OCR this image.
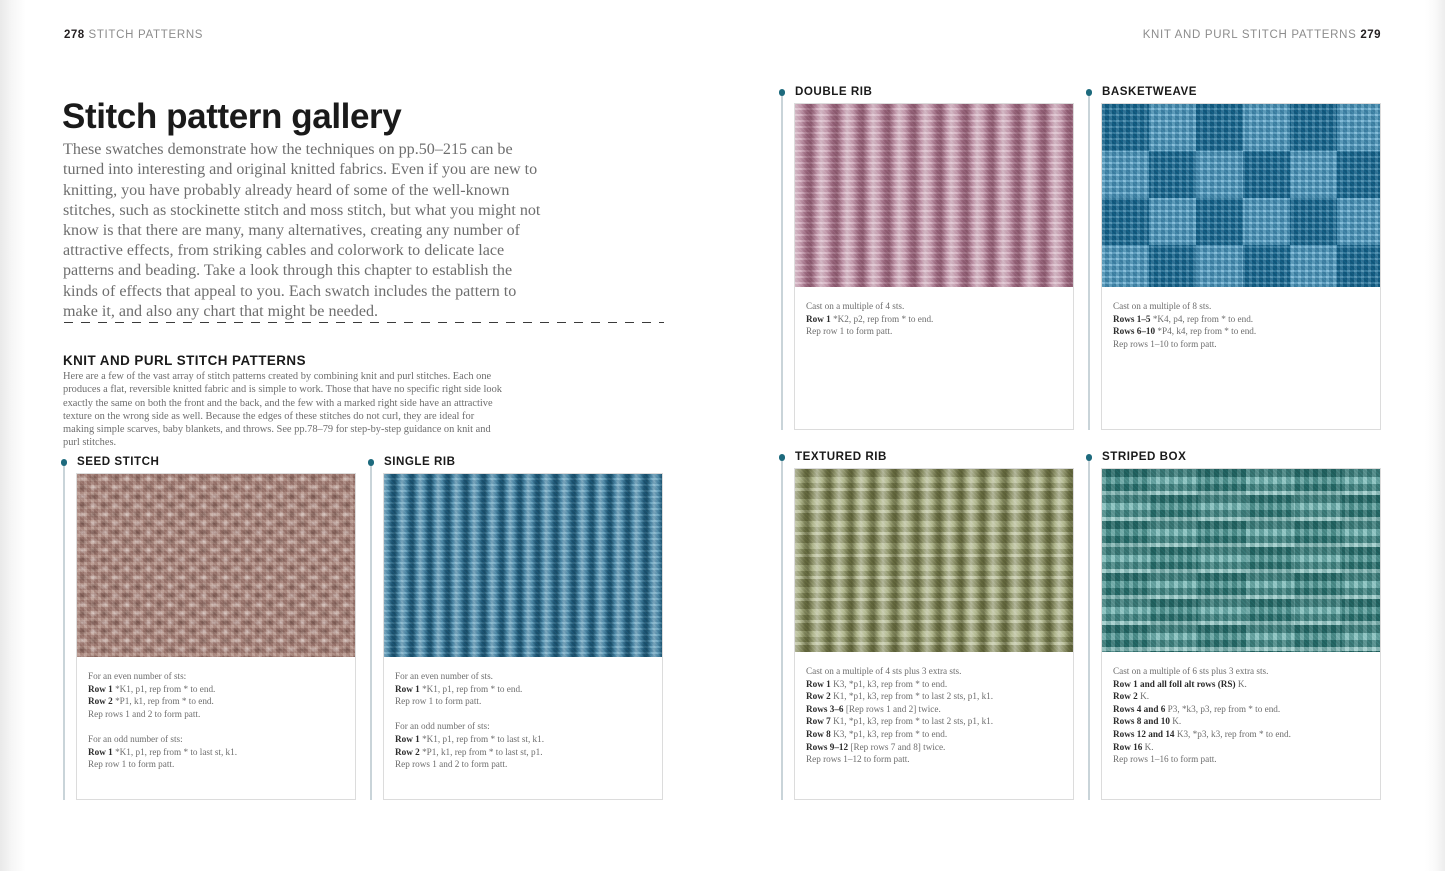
278 STITCH PATTERNS	KNIT AND PURL STITCH PATTERNS 279
Stitch pattern gallery

These swatches demonstrate how the techniques on pp.50–215 can be turned into interesting and original knitted fabrics. Even if you are new to knitting, you have probably already heard of some of the well-known stitches, such as stockinette stitch and moss stitch, but what you might not know is that there are many, many alternatives, creating any number of attractive effects, from striking cables and colorwork to delicate lace patterns and beading. Take a look through this chapter to establish the kinds of effects that appeal to you. Each swatch includes the pattern to make it, and also any chart that might be needed.

KNIT AND PURL STITCH PATTERNS

Here are a few of the vast array of stitch patterns created by combining knit and purl stitches. Each one produces a flat, reversible knitted fabric and is simple to work. Those that have no specific right side look exactly the same on both the front and the back, and the few with a marked right side have an attractive texture on the wrong side as well. Because the edges of these stitches do not curl, they are ideal for making simple scarves, baby blankets, and throws. See pp.78–79 for step-by-step guidance on knit and purl stitches.

SEED STITCH
For an even number of sts:
Row 1 *K1, p1, rep from * to end.
Row 2 *P1, k1, rep from * to end.
Rep rows 1 and 2 to form patt.
For an odd number of sts:
Row 1 *K1, p1, rep from * to last st, k1.
Rep row 1 to form patt.
SINGLE RIB
For an even number of sts.
Row 1 *K1, p1, rep from * to end.
Rep row 1 to form patt.
For an odd number of sts:
Row 1 *K1, p1, rep from * to last st, k1.
Row 2 *P1, k1, rep from * to last st, p1.
Rep rows 1 and 2 to form patt.
DOUBLE RIB
Cast on a multiple of 4 sts.
Row 1 *K2, p2, rep from * to end.
Rep row 1 to form patt.
BASKETWEAVE
Cast on a multiple of 8 sts.
Rows 1–5 *K4, p4, rep from * to end.
Rows 6–10 *P4, k4, rep from * to end.
Rep rows 1–10 to form patt.
TEXTURED RIB
Cast on a multiple of 4 sts plus 3 extra sts.
Row 1 K3, *p1, k3, rep from * to end.
Row 2 K1, *p1, k3, rep from * to last 2 sts, p1, k1.
Rows 3–6 [Rep rows 1 and 2] twice.
Row 7 K1, *p1, k3, rep from * to last 2 sts, p1, k1.
Row 8 K3, *p1, k3, rep from * to end.
Rows 9–12 [Rep rows 7 and 8] twice.
Rep rows 1–12 to form patt.
STRIPED BOX
Cast on a multiple of 6 sts plus 3 extra sts.
Row 1 and all foll alt rows (RS) K.
Row 2 K.
Rows 4 and 6 P3, *k3, p3, rep from * to end.
Rows 8 and 10 K.
Rows 12 and 14 K3, *p3, k3, rep from * to end.
Row 16 K.
Rep rows 1–16 to form patt.
